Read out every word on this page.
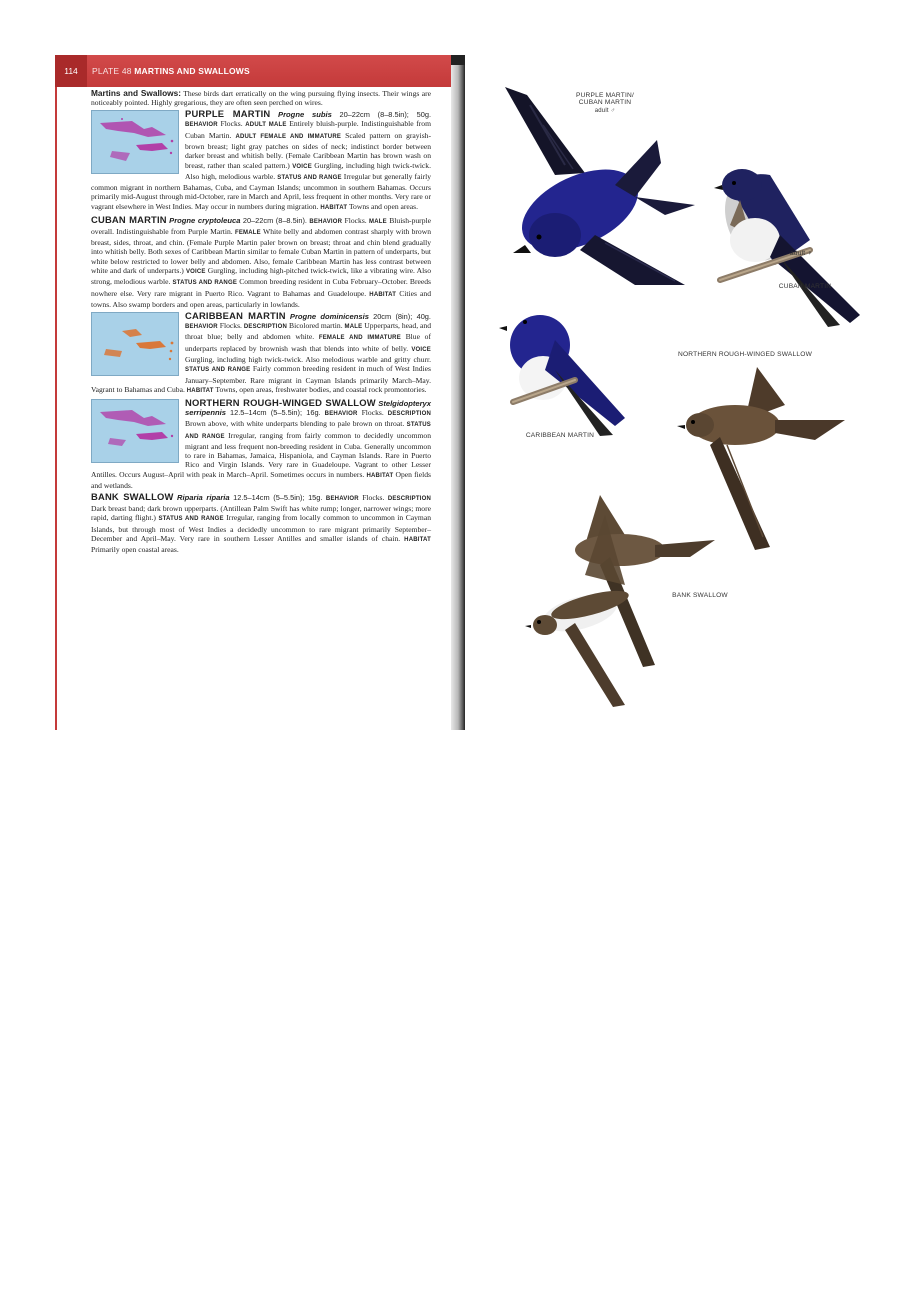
114	PLATE 48 MARTINS AND SWALLOWS

Martins and Swallows: These birds dart erratically on the wing pursuing flying insects. Their wings are noticeably pointed. Highly gregarious, they are often seen perched on wires.

PURPLE MARTIN Progne subis 20–22cm (8–8.5in); 50g. BEHAVIOR Flocks. ADULT MALE Entirely bluish-purple. Indistinguishable from Cuban Martin. ADULT FEMALE AND IMMATURE Scaled pattern on grayish-brown breast; light gray patches on sides of neck; indistinct border between darker breast and whitish belly. (Female Caribbean Martin has brown wash on breast, rather than scaled pattern.) VOICE Gurgling, including high twick-twick. Also high, melodious warble. STATUS AND RANGE Irregular but generally fairly common migrant in northern Bahamas, Cuba, and Cayman Islands; uncommon in southern Bahamas. Occurs primarily mid-August through mid-October, rare in March and April, less frequent in other months. Very rare or vagrant elsewhere in West Indies. May occur in numbers during migration. HABITAT Towns and open areas.

CUBAN MARTIN Progne cryptoleuca 20–22cm (8–8.5in). BEHAVIOR Flocks. MALE Bluish-purple overall. Indistinguishable from Purple Martin. FEMALE White belly and abdomen contrast sharply with brown breast, sides, throat, and chin. (Female Purple Martin paler brown on breast; throat and chin blend gradually into whitish belly. Both sexes of Caribbean Martin similar to female Cuban Martin in pattern of underparts, but white below restricted to lower belly and abdomen. Also, female Caribbean Martin has less contrast between white and dark of underparts.) VOICE Gurgling, including high-pitched twick-twick, like a vibrating wire. Also strong, melodious warble. STATUS AND RANGE Common breeding resident in Cuba February–October. Breeds nowhere else. Very rare migrant in Puerto Rico. Vagrant to Bahamas and Guadeloupe. HABITAT Cities and towns. Also swamp borders and open areas, particularly in lowlands.

CARIBBEAN MARTIN Progne dominicensis 20cm (8in); 40g. BEHAVIOR Flocks. DESCRIPTION Bicolored martin. MALE Upperparts, head, and throat blue; belly and abdomen white. FEMALE AND IMMATURE Blue of underparts replaced by brownish wash that blends into white of belly. VOICE Gurgling, including high twick-twick. Also melodious warble and gritty churr. STATUS AND RANGE Fairly common breeding resident in much of West Indies January–September. Rare migrant in Cayman Islands primarily March–May. Vagrant to Bahamas and Cuba. HABITAT Towns, open areas, freshwater bodies, and coastal rock promontories.

NORTHERN ROUGH-WINGED SWALLOW Stelgidopteryx serripennis 12.5–14cm (5–5.5in); 16g. BEHAVIOR Flocks. DESCRIPTION Brown above, with white underparts blending to pale brown on throat. STATUS AND RANGE Irregular, ranging from fairly common to decidedly uncommon migrant and less frequent non-breeding resident in Cuba. Generally uncommon to rare in Bahamas, Jamaica, Hispaniola, and Cayman Islands. Rare in Puerto Rico and Virgin Islands. Very rare in Guadeloupe. Vagrant to other Lesser Antilles. Occurs August–April with peak in March–April. Sometimes occurs in numbers. HABITAT Open fields and wetlands.

BANK SWALLOW Riparia riparia 12.5–14cm (5–5.5in); 15g. BEHAVIOR Flocks. DESCRIPTION Dark breast band; dark brown upperparts. (Antillean Palm Swift has white rump; longer, narrower wings; more rapid, darting flight.) STATUS AND RANGE Irregular, ranging from locally common to uncommon in Cayman Islands, but through most of West Indies a decidedly uncommon to rare migrant primarily September–December and April–May. Very rare in southern Lesser Antilles and smaller islands of chain. HABITAT Primarily open coastal areas.

PURPLE MARTIN/
CUBAN MARTIN
adult ♂
adult ♀
CUBAN MARTIN
CARIBBEAN MARTIN
NORTHERN ROUGH-WINGED SWALLOW
BANK SWALLOW
